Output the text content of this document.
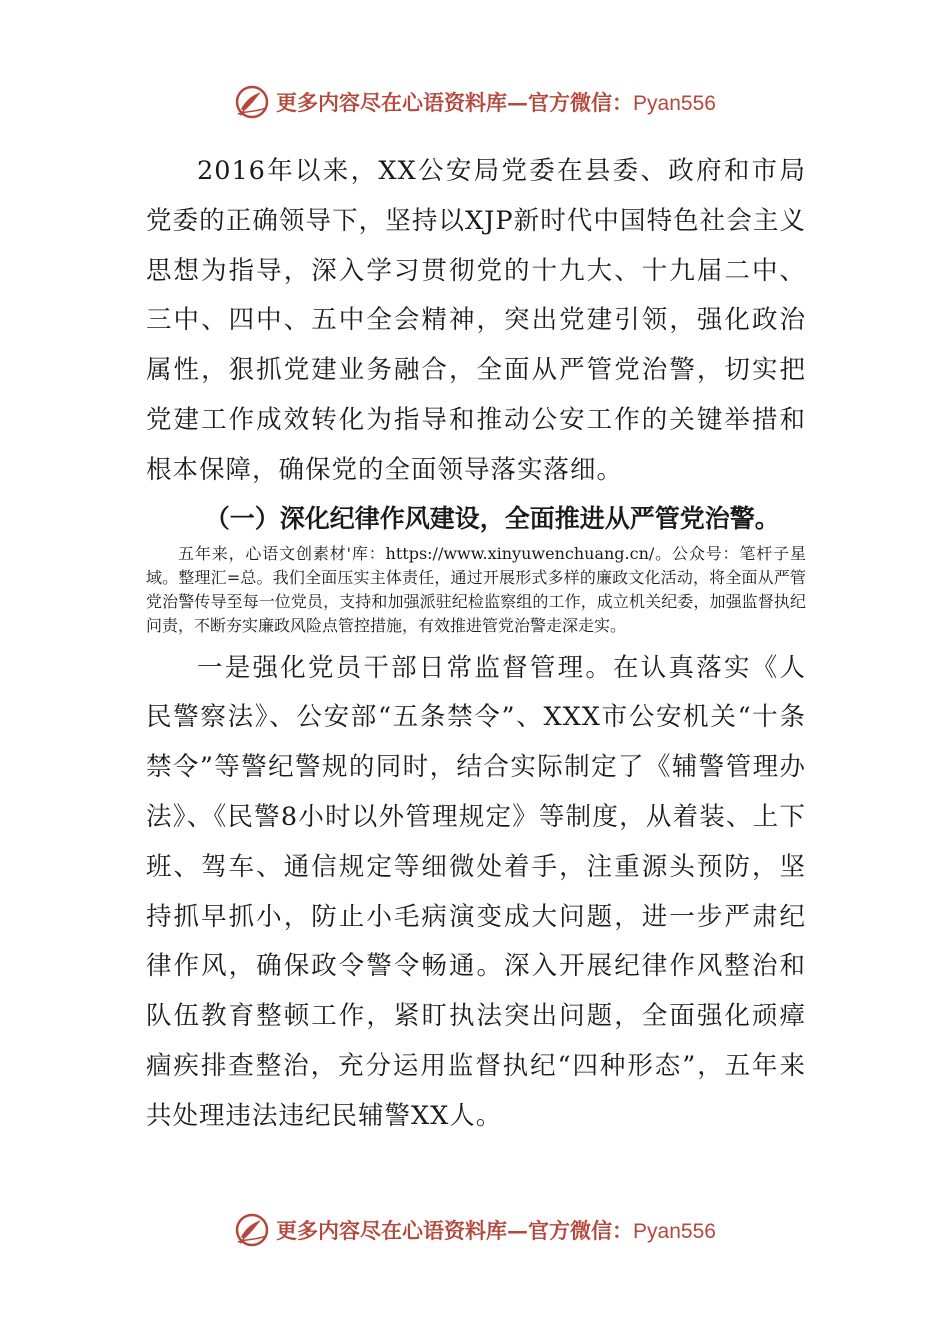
更多内容尽在心语资料库—官方微信：Pyan556

2016年以来，XX公安局党委在县委、政府和市局党委的正确领导下，坚持以XJP新时代中国特色社会主义思想为指导，深入学习贯彻党的十九大、十九届二中、三中、四中、五中全会精神，突出党建引领，强化政治属性，狠抓党建业务融合，全面从严管党治警，切实把党建工作成效转化为指导和推动公安工作的关键举措和根本保障，确保党的全面领导落实落细。

（一）深化纪律作风建设，全面推进从严管党治警。

五年来，心语文创素材'库：https://www.xinyuwenchuang.cn/。公众号：笔杆子星域。整理汇=总。我们全面压实主体责任，通过开展形式多样的廉政文化活动，将全面从严管党治警传导至每一位党员，支持和加强派驻纪检监察组的工作，成立机关纪委，加强监督执纪问责，不断夯实廉政风险点管控措施，有效推进管党治警走深走实。

一是强化党员干部日常监督管理。在认真落实《人民警察法》、公安部“五条禁令”、XXX市公安机关“十条禁令”等警纪警规的同时，结合实际制定了《辅警管理办法》、《民警8小时以外管理规定》等制度，从着装、上下班、驾车、通信规定等细微处着手，注重源头预防，坚持抓早抓小，防止小毛病演变成大问题，进一步严肃纪律作风，确保政令警令畅通。深入开展纪律作风整治和队伍教育整顿工作，紧盯执法突出问题，全面强化顽瘴痼疾排查整治，充分运用监督执纪“四种形态”，五年来共处理违法违纪民辅警XX人。

更多内容尽在心语资料库—官方微信：Pyan556
